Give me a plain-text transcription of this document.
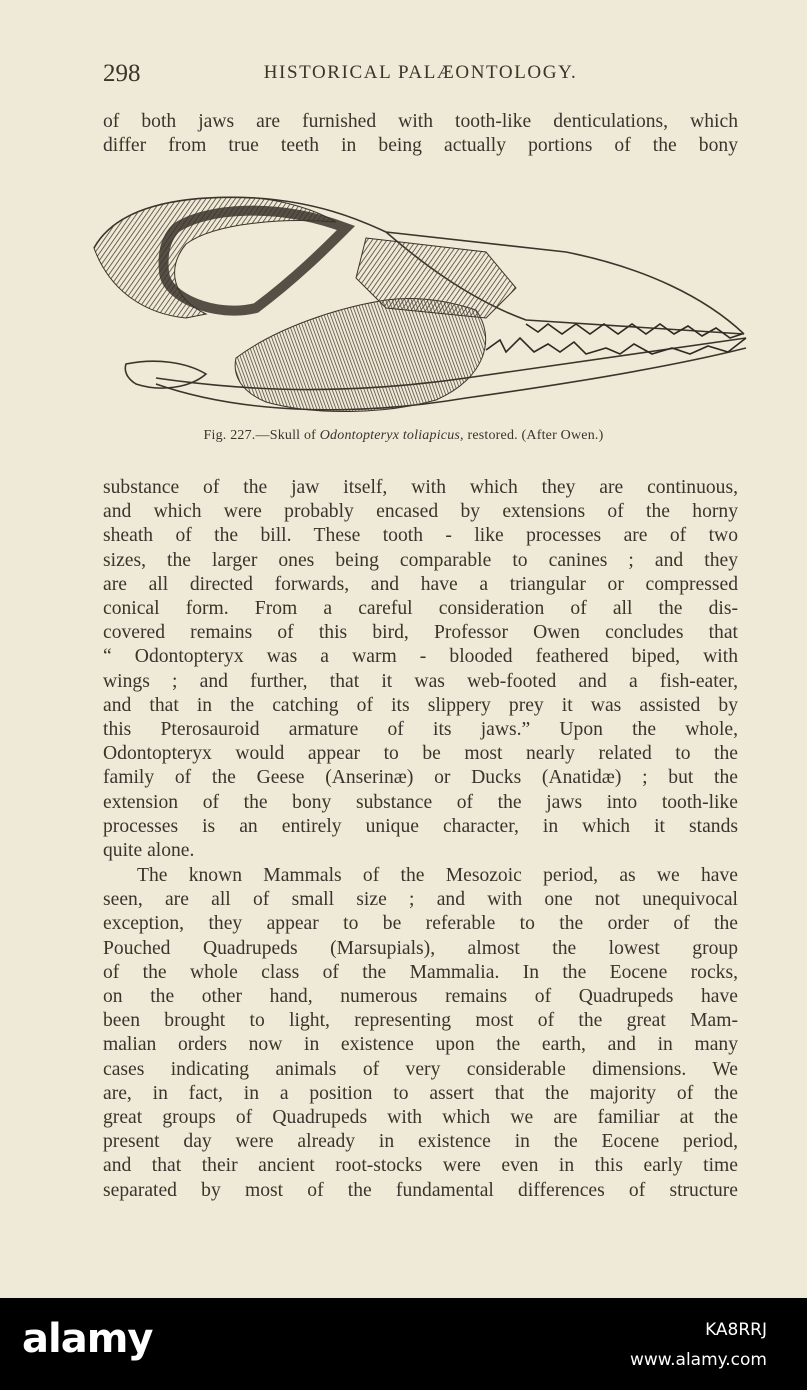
298	HISTORICAL PALÆONTOLOGY.
of both jaws are furnished with tooth-like denticulations, which
differ from true teeth in being actually portions of the bony
Fig. 227.—Skull of Odontopteryx toliapicus, restored. (After Owen.)
substance of the jaw itself, with which they are continuous,
and which were probably encased by extensions of the horny
sheath of the bill. These tooth - like processes are of two
sizes, the larger ones being comparable to canines ; and they
are all directed forwards, and have a triangular or compressed
conical form. From a careful consideration of all the dis-
covered remains of this bird, Professor Owen concludes that
“ Odontopteryx was a warm - blooded feathered biped, with
wings ; and further, that it was web-footed and a fish-eater,
and that in the catching of its slippery prey it was assisted by
this Pterosauroid armature of its jaws.” Upon the whole,
Odontopteryx would appear to be most nearly related to the
family of the Geese (Anserinæ) or Ducks (Anatidæ) ; but the
extension of the bony substance of the jaws into tooth-like
processes is an entirely unique character, in which it stands
quite alone.
The known Mammals of the Mesozoic period, as we have
seen, are all of small size ; and with one not unequivocal
exception, they appear to be referable to the order of the
Pouched Quadrupeds (Marsupials), almost the lowest group
of the whole class of the Mammalia. In the Eocene rocks,
on the other hand, numerous remains of Quadrupeds have
been brought to light, representing most of the great Mam-
malian orders now in existence upon the earth, and in many
cases indicating animals of very considerable dimensions. We
are, in fact, in a position to assert that the majority of the
great groups of Quadrupeds with which we are familiar at the
present day were already in existence in the Eocene period,
and that their ancient root-stocks were even in this early time
separated by most of the fundamental differences of structure
alamy	KA8RRJ
www.alamy.com
